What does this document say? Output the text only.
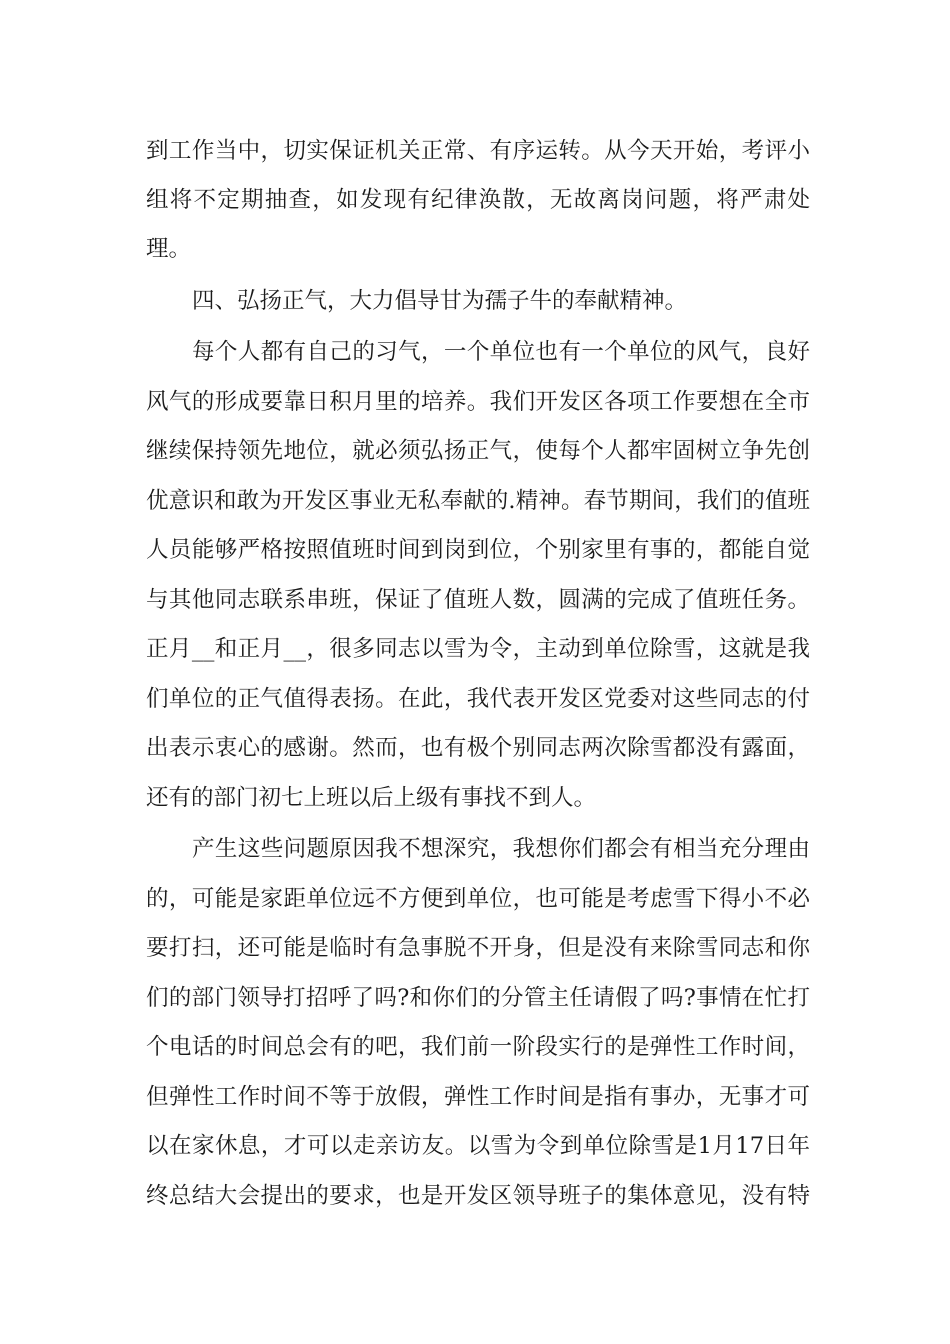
到工作当中，切实保证机关正常、有序运转。从今天开始，考评小
组将不定期抽查，如发现有纪律涣散，无故离岗问题，将严肃处
理。
四、弘扬正气，大力倡导甘为孺子牛的奉献精神。
每个人都有自己的习气，一个单位也有一个单位的风气，良好
风气的形成要靠日积月里的培养。我们开发区各项工作要想在全市
继续保持领先地位，就必须弘扬正气，使每个人都牢固树立争先创
优意识和敢为开发区事业无私奉献的.精神。春节期间，我们的值班
人员能够严格按照值班时间到岗到位，个别家里有事的，都能自觉
与其他同志联系串班，保证了值班人数，圆满的完成了值班任务。
正月__和正月__，很多同志以雪为令，主动到单位除雪，这就是我
们单位的正气值得表扬。在此，我代表开发区党委对这些同志的付
出表示衷心的感谢。然而，也有极个别同志两次除雪都没有露面，
还有的部门初七上班以后上级有事找不到人。
产生这些问题原因我不想深究，我想你们都会有相当充分理由
的，可能是家距单位远不方便到单位，也可能是考虑雪下得小不必
要打扫，还可能是临时有急事脱不开身，但是没有来除雪同志和你
们的部门领导打招呼了吗?和你们的分管主任请假了吗?事情在忙打
个电话的时间总会有的吧，我们前一阶段实行的是弹性工作时间，
但弹性工作时间不等于放假，弹性工作时间是指有事办，无事才可
以在家休息，才可以走亲访友。以雪为令到单位除雪是1月17日年
终总结大会提出的要求，也是开发区领导班子的集体意见，没有特
